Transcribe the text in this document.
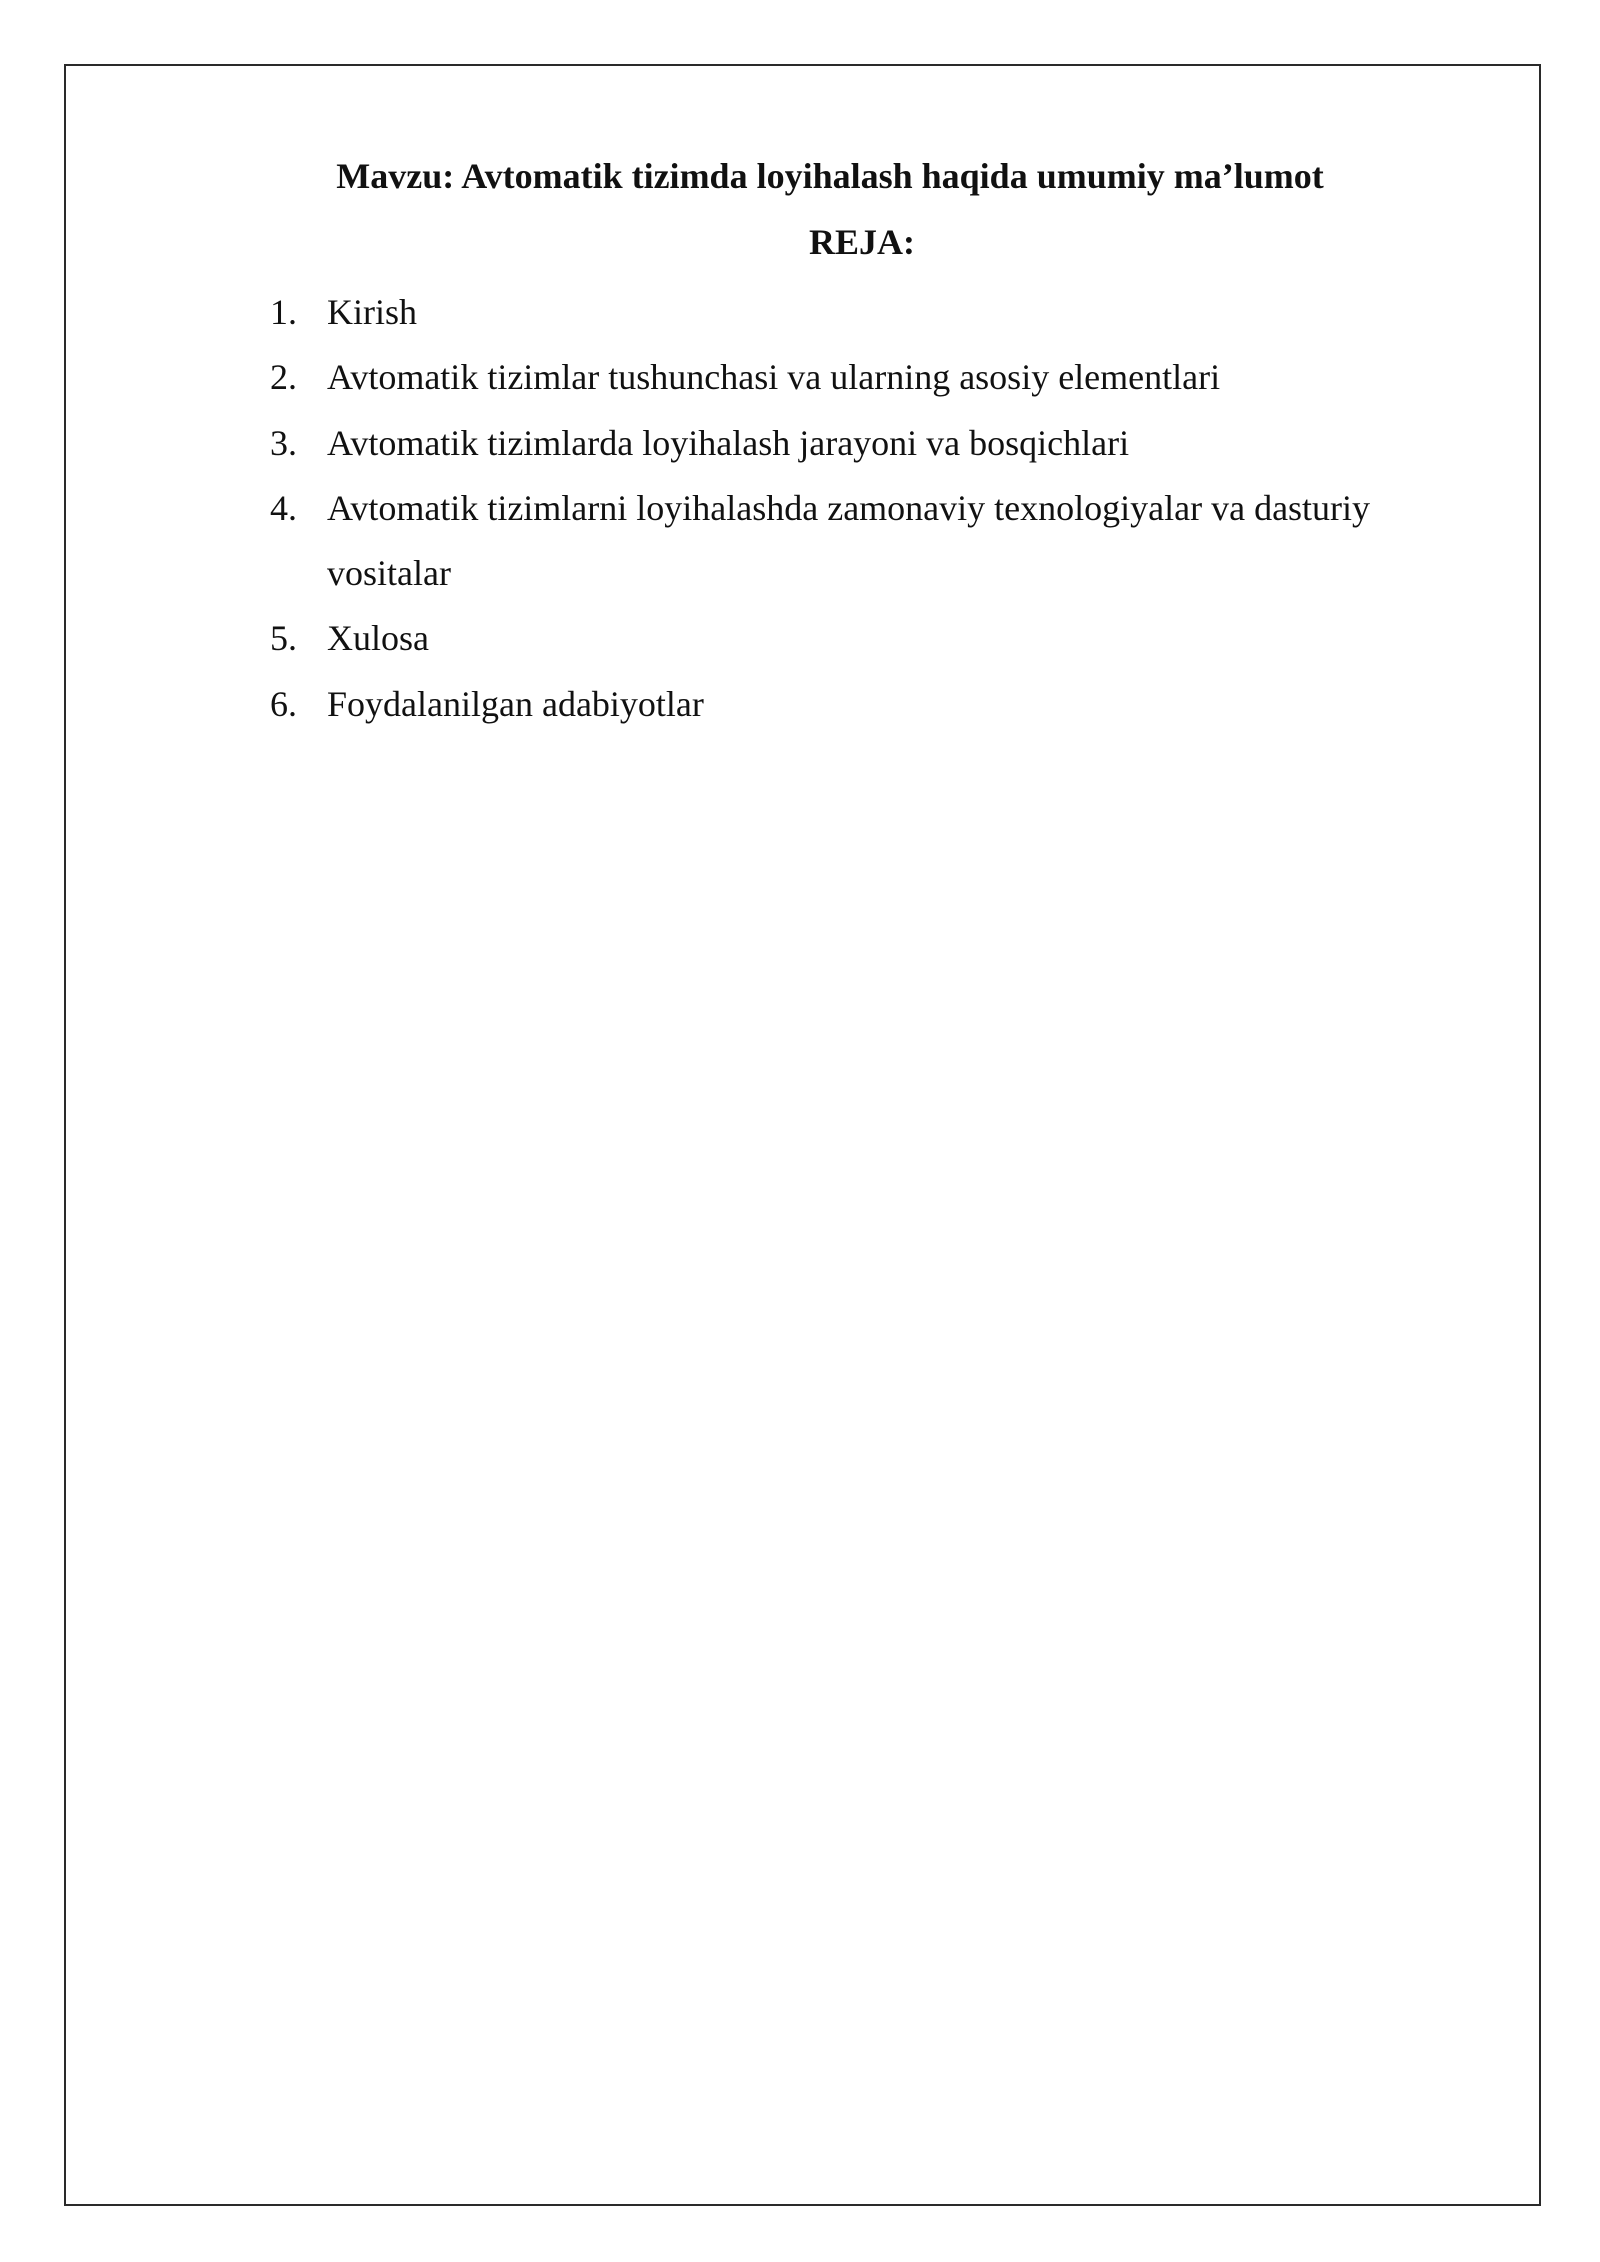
Mavzu: Avtomatik tizimda loyihalash haqida umumiy ma’lumot
REJA:
1. Kirish
2. Avtomatik tizimlar tushunchasi va ularning asosiy elementlari
3. Avtomatik tizimlarda loyihalash jarayoni va bosqichlari
4. Avtomatik tizimlarni loyihalashda zamonaviy texnologiyalar va dasturiy vositalar
5. Xulosa
6. Foydalanilgan adabiyotlar
